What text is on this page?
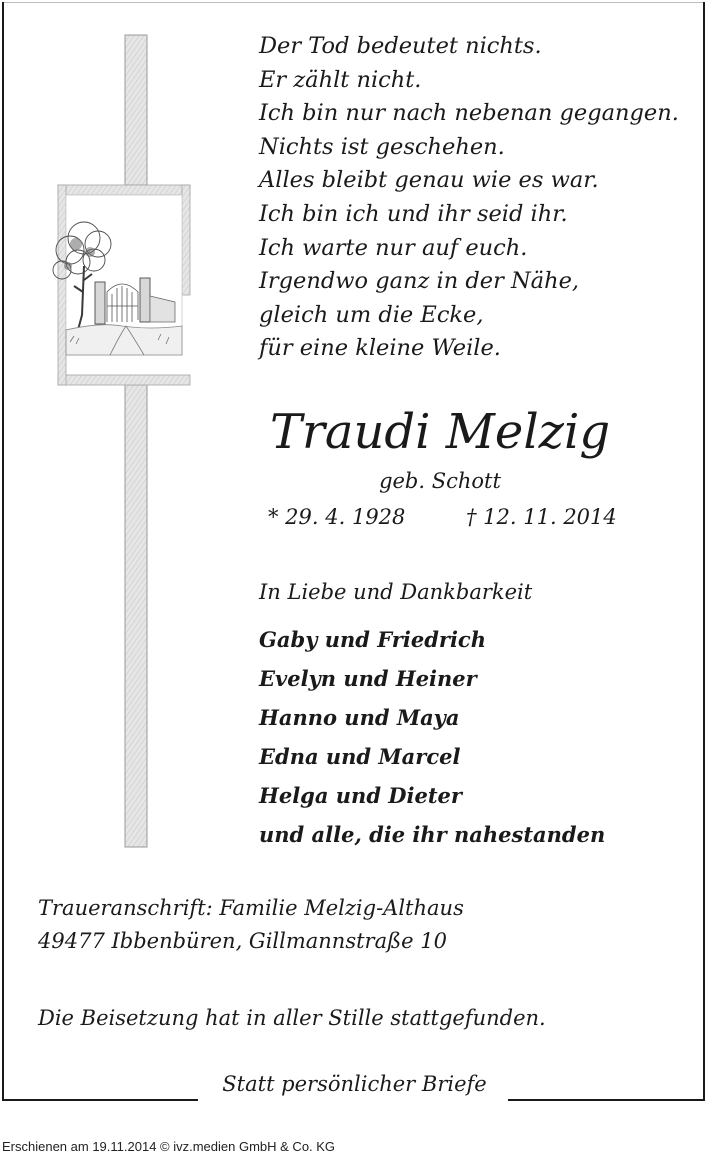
Der Tod bedeutet nichts.
Er zählt nicht.
Ich bin nur nach nebenan gegangen.
Nichts ist geschehen.
Alles bleibt genau wie es war.
Ich bin ich und ihr seid ihr.
Ich warte nur auf euch.
Irgendwo ganz in der Nähe,
gleich um die Ecke,
für eine kleine Weile.
Traudi Melzig
geb. Schott
* 29. 4. 1928	† 12. 11. 2014
In Liebe und Dankbarkeit
Gaby und Friedrich
Evelyn und Heiner
Hanno und Maya
Edna und Marcel
Helga und Dieter
und alle, die ihr nahestanden
Traueranschrift: Familie Melzig-Althaus
49477 Ibbenbüren, Gillmannstraße 10
Die Beisetzung hat in aller Stille stattgefunden.
Statt persönlicher Briefe
Erschienen am 19.11.2014 © ivz.medien GmbH & Co. KG
